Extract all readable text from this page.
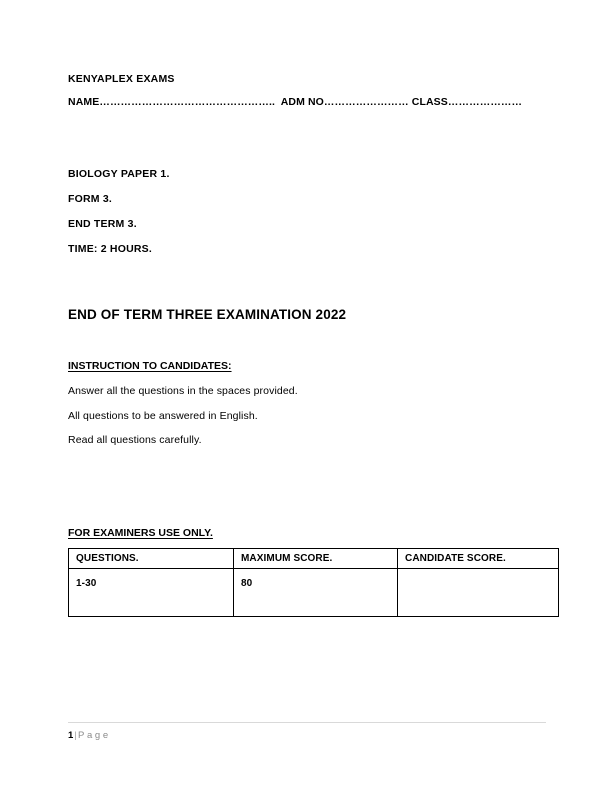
KENYAPLEX EXAMS
NAME…………………………………………..  ADM NO…………………… CLASS…………………
BIOLOGY PAPER 1.
FORM 3.
END TERM 3.
TIME: 2 HOURS.
END OF TERM THREE EXAMINATION 2022
INSTRUCTION TO CANDIDATES:
Answer all the questions in the spaces provided.
All questions to be answered in English.
Read all questions carefully.
FOR EXAMINERS USE ONLY.
QUESTIONS.	MAXIMUM SCORE.	CANDIDATE SCORE.
1-30	80	
1|Page
